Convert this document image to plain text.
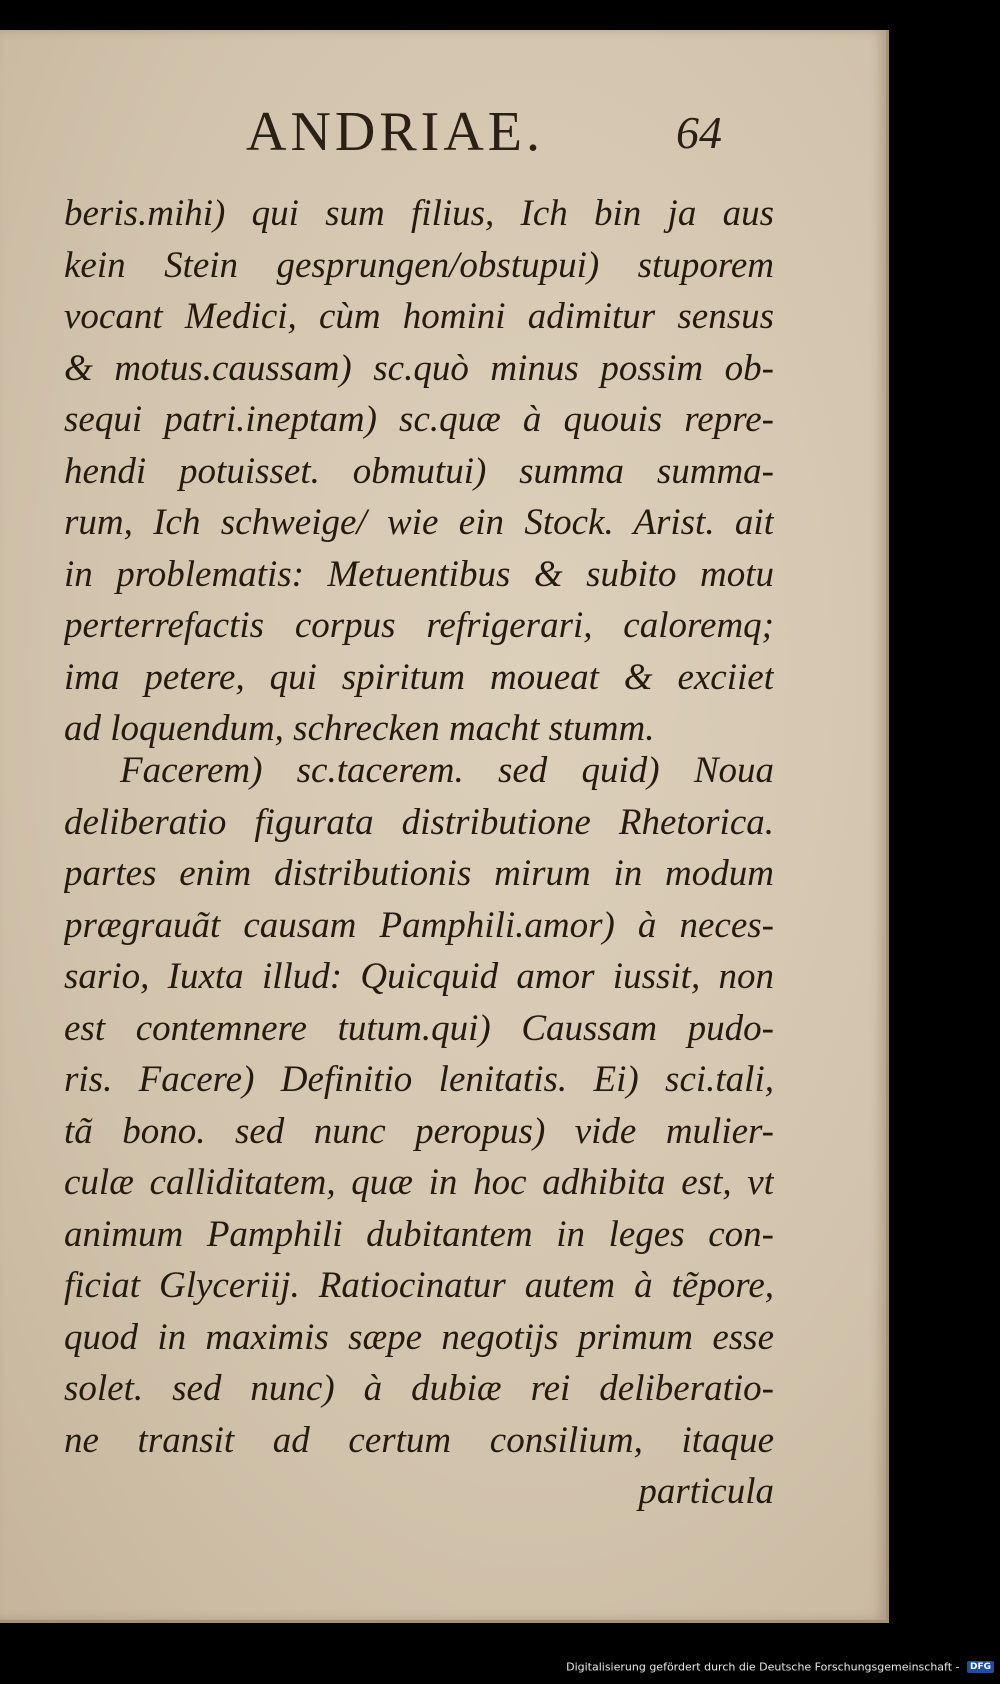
ANDRIAE.	64
beris.mihi) qui sum filius, Ich bin ja aus
kein Stein gesprungen/obstupui) stuporem
vocant Medici, cùm homini adimitur sensus
& motus.caussam) sc.quò minus possim ob-
sequi patri.ineptam) sc.quæ à quouis repre-
hendi potuisset. obmutui) summa summa-
rum, Ich schweige/ wie ein Stock. Arist. ait
in problematis: Metuentibus & subito motu
perterrefactis corpus refrigerari, caloremq;
ima petere, qui spiritum moueat & exciiet
ad loquendum, schrecken macht stumm.
Facerem) sc.tacerem. sed quid) Noua
deliberatio figurata distributione Rhetorica.
partes enim distributionis mirum in modum
prægrauãt causam Pamphili.amor) à neces-
sario, Iuxta illud: Quicquid amor iussit, non
est contemnere tutum.qui) Caussam pudo-
ris. Facere) Definitio lenitatis. Ei) sci.tali,
tã bono. sed nunc peropus) vide mulier-
culæ calliditatem, quæ in hoc adhibita est, vt
animum Pamphili dubitantem in leges con-
ficiat Glyceriij. Ratiocinatur autem à tẽpore,
quod in maximis sæpe negotijs primum esse
solet. sed nunc) à dubiæ rei deliberatio-
ne transit ad certum consilium, itaque
particula
Digitalisierung gefördert durch die Deutsche Forschungsgemeinschaft - DFG
